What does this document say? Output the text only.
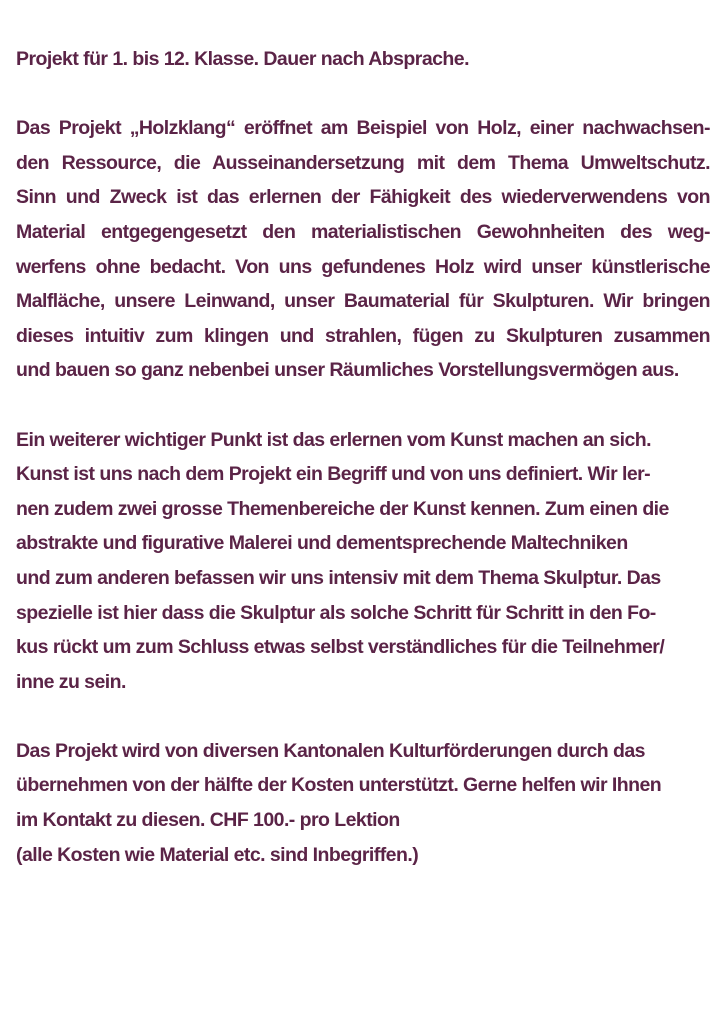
Projekt für 1. bis 12. Klasse. Dauer nach Absprache.

Das Projekt „Holzklang“ eröffnet am Beispiel von Holz, einer nachwachsen-
den Ressource, die Ausseinandersetzung mit dem Thema Umweltschutz.
Sinn und Zweck ist das erlernen der Fähigkeit des wiederverwendens von
Material entgegengesetzt den materialistischen Gewohnheiten des weg-
werfens ohne bedacht. Von uns gefundenes Holz wird unser künstlerische
Malfläche, unsere Leinwand, unser Baumaterial für Skulpturen. Wir bringen
dieses intuitiv zum klingen und strahlen, fügen zu Skulpturen zusammen
und bauen so ganz nebenbei unser Räumliches Vorstellungsvermögen aus.

Ein weiterer wichtiger Punkt ist das erlernen vom Kunst machen an sich.
Kunst ist uns nach dem Projekt ein Begriff und von uns definiert. Wir ler-
nen zudem zwei grosse Themenbereiche der Kunst kennen. Zum einen die
abstrakte und figurative Malerei und dementsprechende Maltechniken
und zum anderen befassen wir uns intensiv mit dem Thema Skulptur. Das
spezielle ist hier dass die Skulptur als solche Schritt für Schritt in den Fo-
kus rückt um zum Schluss etwas selbst verständliches für die Teilnehmer/
inne zu sein.

Das Projekt wird von diversen Kantonalen Kulturförderungen durch das
übernehmen von der hälfte der Kosten unterstützt. Gerne helfen wir Ihnen
im Kontakt zu diesen. CHF 100.- pro Lektion
(alle Kosten wie Material etc. sind Inbegriffen.)
